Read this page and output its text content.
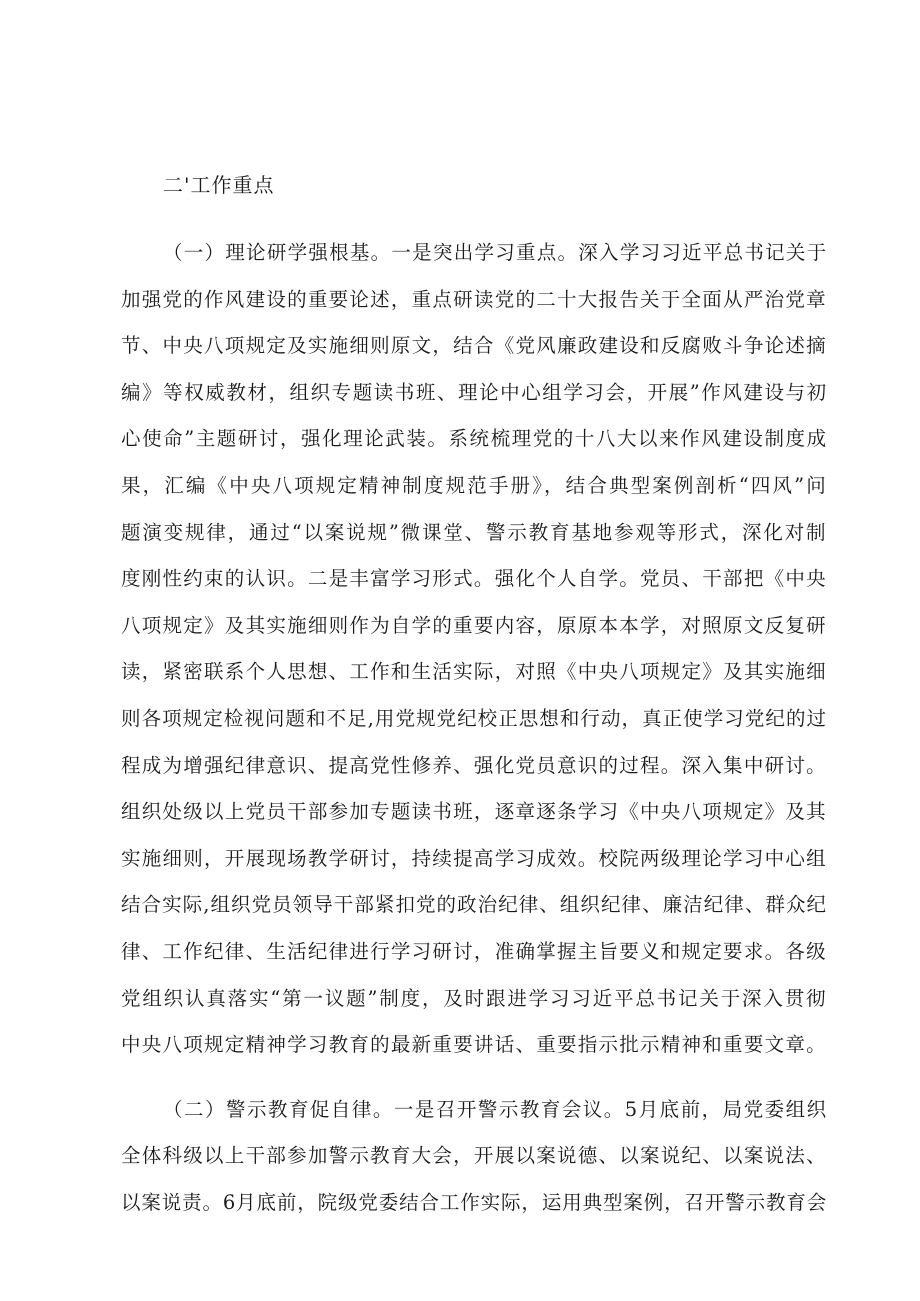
二'工作重点
（一）理论研学强根基。一是突出学习重点。深入学习习近平总书记关于
加强党的作风建设的重要论述，重点研读党的二十大报告关于全面从严治党章
节、中央八项规定及实施细则原文，结合《党风廉政建设和反腐败斗争论述摘
编》等权威教材，组织专题读书班、理论中心组学习会，开展”作风建设与初
心使命”主题研讨，强化理论武装。系统梳理党的十八大以来作风建设制度成
果，汇编《中央八项规定精神制度规范手册》，结合典型案例剖析“四风”问
题演变规律，通过“以案说规”微课堂、警示教育基地参观等形式，深化对制
度刚性约束的认识。二是丰富学习形式。强化个人自学。党员、干部把《中央
八项规定》及其实施细则作为自学的重要内容，原原本本学，对照原文反复研
读，紧密联系个人思想、工作和生活实际，对照《中央八项规定》及其实施细
则各项规定检视问题和不足,用党规党纪校正思想和行动，真正使学习党纪的过
程成为增强纪律意识、提高党性修养、强化党员意识的过程。深入集中研讨。
组织处级以上党员干部参加专题读书班，逐章逐条学习《中央八项规定》及其
实施细则，开展现场教学研讨，持续提高学习成效。校院两级理论学习中心组
结合实际,组织党员领导干部紧扣党的政治纪律、组织纪律、廉洁纪律、群众纪
律、工作纪律、生活纪律进行学习研讨，准确掌握主旨要义和规定要求。各级
党组织认真落实“第一议题”制度，及时跟进学习习近平总书记关于深入贯彻
中央八项规定精神学习教育的最新重要讲话、重要指示批示精神和重要文章。
（二）警示教育促自律。一是召开警示教育会议。5月底前，局党委组织
全体科级以上干部参加警示教育大会，开展以案说德、以案说纪、以案说法、
以案说责。6月底前，院级党委结合工作实际，运用典型案例，召开警示教育会
